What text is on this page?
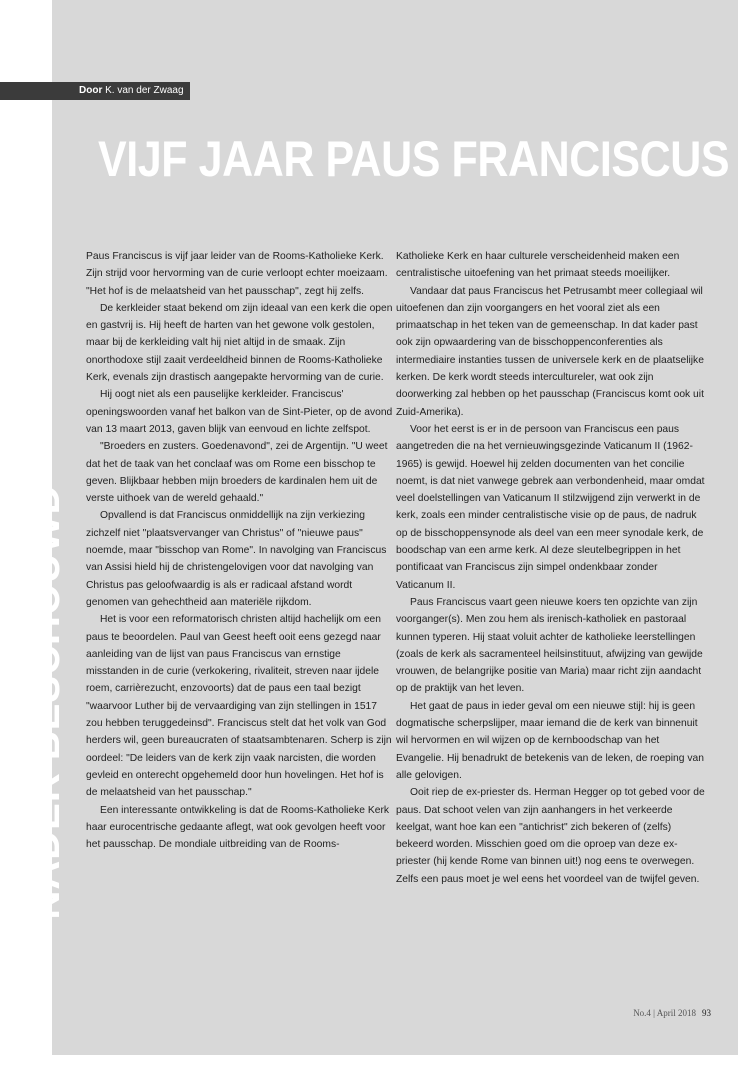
Door K. van der Zwaag
VIJF JAAR PAUS FRANCISCUS
NADER BESCHOUWD

Paus Franciscus is vijf jaar leider van de Rooms-Katholieke Kerk. Zijn strijd voor hervorming van de curie verloopt echter moeizaam. "Het hof is de melaatsheid van het pausschap", zegt hij zelfs.

De kerkleider staat bekend om zijn ideaal van een kerk die open en gastvrij is. Hij heeft de harten van het gewone volk gestolen, maar bij de kerkleiding valt hij niet altijd in de smaak. Zijn onorthodoxe stijl zaait verdeeldheid binnen de Rooms-Katholieke Kerk, evenals zijn drastisch aangepakte hervorming van de curie.

Hij oogt niet als een pauselijke kerkleider. Franciscus' openingswoorden vanaf het balkon van de Sint-Pieter, op de avond van 13 maart 2013, gaven blijk van eenvoud en lichte zelfspot.

"Broeders en zusters. Goedenavond", zei de Argentijn. "U weet dat het de taak van het conclaaf was om Rome een bisschop te geven. Blijkbaar hebben mijn broeders de kardinalen hem uit de verste uithoek van de wereld gehaald."

Opvallend is dat Franciscus onmiddellijk na zijn verkiezing zichzelf niet "plaatsvervanger van Christus" of "nieuwe paus" noemde, maar "bisschop van Rome". In navolging van Franciscus van Assisi hield hij de christengelovigen voor dat navolging van Christus pas geloofwaardig is als er radicaal afstand wordt genomen van gehechtheid aan materiële rijkdom.

Het is voor een reformatorisch christen altijd hachelijk om een paus te beoordelen. Paul van Geest heeft ooit eens gezegd naar aanleiding van de lijst van paus Franciscus van ernstige misstanden in de curie (verkokering, rivaliteit, streven naar ijdele roem, carrièrezucht, enzovoorts) dat de paus een taal bezigt "waarvoor Luther bij de vervaardiging van zijn stellingen in 1517 zou hebben teruggedeinsd". Franciscus stelt dat het volk van God herders wil, geen bureaucraten of staatsambtenaren. Scherp is zijn oordeel: "De leiders van de kerk zijn vaak narcisten, die worden gevleid en onterecht opgehemeld door hun hovelingen. Het hof is de melaatsheid van het pausschap."

Een interessante ontwikkeling is dat de Rooms-Katholieke Kerk haar eurocentrische gedaante aflegt, wat ook gevolgen heeft voor het pausschap. De mondiale uitbreiding van de Rooms-

Katholieke Kerk en haar culturele verscheidenheid maken een centralistische uitoefening van het primaat steeds moeilijker.

Vandaar dat paus Franciscus het Petrusambt meer collegiaal wil uitoefenen dan zijn voorgangers en het vooral ziet als een primaatschap in het teken van de gemeenschap. In dat kader past ook zijn opwaardering van de bisschoppenconferenties als intermediaire instanties tussen de universele kerk en de plaatselijke kerken. De kerk wordt steeds intercultureler, wat ook zijn doorwerking zal hebben op het pausschap (Franciscus komt ook uit Zuid-Amerika).

Voor het eerst is er in de persoon van Franciscus een paus aangetreden die na het vernieuwingsgezinde Vaticanum II (1962-1965) is gewijd. Hoewel hij zelden documenten van het concilie noemt, is dat niet vanwege gebrek aan verbondenheid, maar omdat veel doelstellingen van Vaticanum II stilzwijgend zijn verwerkt in de kerk, zoals een minder centralistische visie op de paus, de nadruk op de bisschoppensynode als deel van een meer synodale kerk, de boodschap van een arme kerk. Al deze sleutelbegrippen in het pontificaat van Franciscus zijn simpel ondenkbaar zonder Vaticanum II.

Paus Franciscus vaart geen nieuwe koers ten opzichte van zijn voorganger(s). Men zou hem als irenisch-katholiek en pastoraal kunnen typeren. Hij staat voluit achter de katholieke leerstellingen (zoals de kerk als sacramenteel heilsinstituut, afwijzing van gewijde vrouwen, de belangrijke positie van Maria) maar richt zijn aandacht op de praktijk van het leven.

Het gaat de paus in ieder geval om een nieuwe stijl: hij is geen dogmatische scherpslijper, maar iemand die de kerk van binnenuit wil hervormen en wil wijzen op de kernboodschap van het Evangelie. Hij benadrukt de betekenis van de leken, de roeping van alle gelovigen.

Ooit riep de ex-priester ds. Herman Hegger op tot gebed voor de paus. Dat schoot velen van zijn aanhangers in het verkeerde keelgat, want hoe kan een "antichrist" zich bekeren of (zelfs) bekeerd worden. Misschien goed om die oproep van deze ex-priester (hij kende Rome van binnen uit!) nog eens te overwegen. Zelfs een paus moet je wel eens het voordeel van de twijfel geven.

No.4 | April 2018 93
